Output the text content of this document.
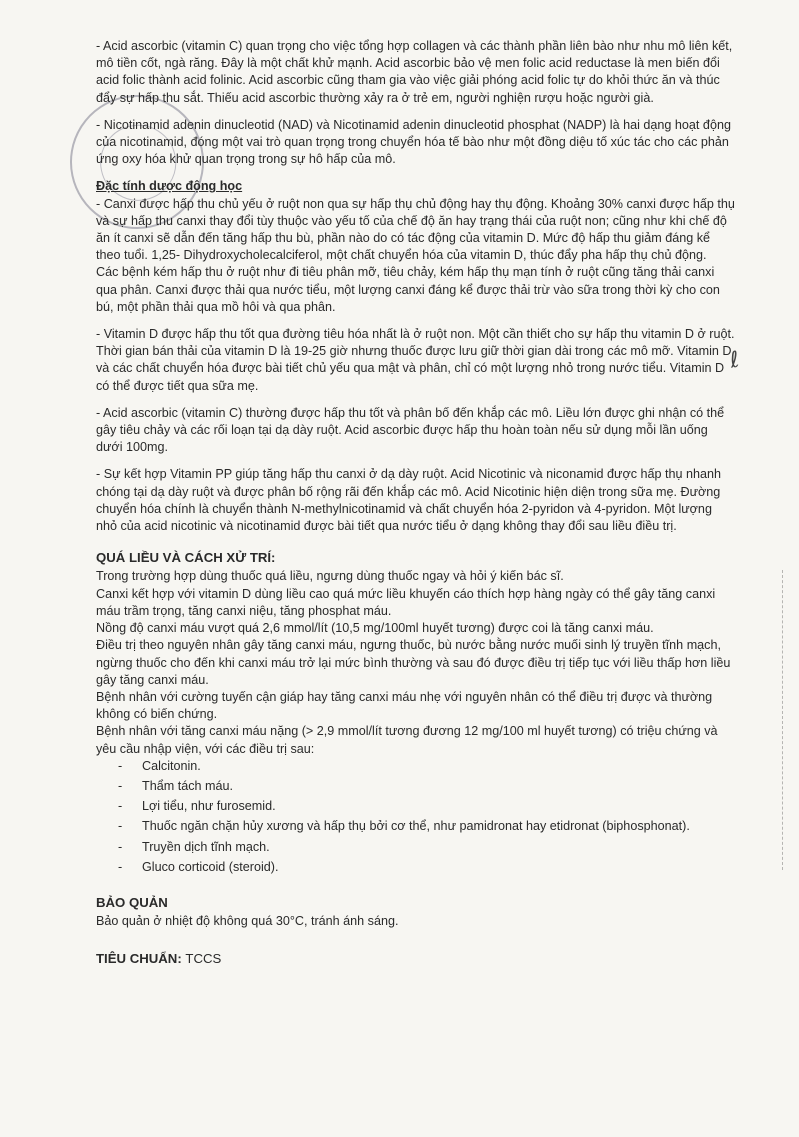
ℓ

- Acid ascorbic (vitamin C) quan trọng cho việc tổng hợp collagen và các thành phần liên bào như nhu mô liên kết, mô tiền cốt, ngà răng. Đây là một chất khử mạnh. Acid ascorbic bảo vệ men folic acid reductase là men biến đổi acid folic thành acid folinic. Acid ascorbic cũng tham gia vào việc giải phóng acid folic tự do khỏi thức ăn và thúc đẩy sự hấp thu sắt. Thiếu acid ascorbic thường xảy ra ở trẻ em, người nghiện rượu hoặc người già.

- Nicotinamid adenin dinucleotid (NAD) và Nicotinamid adenin dinucleotid phosphat (NADP) là hai dạng hoạt động của nicotinamid, đóng một vai trò quan trọng trong chuyển hóa tế bào như một đồng diệu tố xúc tác cho các phản ứng oxy hóa khử quan trọng trong sự hô hấp của mô.

Đặc tính dược động học

- Canxi được hấp thu chủ yếu ở ruột non qua sự hấp thụ chủ động hay thụ động. Khoảng 30% canxi được hấp thụ và sự hấp thu canxi thay đổi tùy thuộc vào yếu tố của chế độ ăn hay trạng thái của ruột non; cũng như khi chế độ ăn ít canxi sẽ dẫn đến tăng hấp thu bù, phần nào do có tác động của vitamin D. Mức độ hấp thu giảm đáng kể theo tuổi. 1,25- Dihydroxycholecalciferol, một chất chuyển hóa của vitamin D, thúc đẩy pha hấp thụ chủ động.

Các bệnh kém hấp thu ở ruột như đi tiêu phân mỡ, tiêu chảy, kém hấp thụ mạn tính ở ruột cũng tăng thải canxi qua phân. Canxi được thải qua nước tiểu, một lượng canxi đáng kể được thải trừ vào sữa trong thời kỳ cho con bú, một phần thải qua mồ hôi và qua phân.

- Vitamin D được hấp thu tốt qua đường tiêu hóa nhất là ở ruột non. Một cần thiết cho sự hấp thu vitamin D ở ruột. Thời gian bán thải của vitamin D là 19-25 giờ nhưng thuốc được lưu giữ thời gian dài trong các mô mỡ. Vitamin D và các chất chuyển hóa được bài tiết chủ yếu qua mật và phân, chỉ có một lượng nhỏ trong nước tiểu. Vitamin D có thể được tiết qua sữa mẹ.

- Acid ascorbic (vitamin C) thường được hấp thu tốt và phân bố đến khắp các mô. Liều lớn được ghi nhận có thể gây tiêu chảy và các rối loạn tại dạ dày ruột. Acid ascorbic được hấp thu hoàn toàn nếu sử dụng mỗi lần uống dưới 100mg.

- Sự kết hợp Vitamin PP giúp tăng hấp thu canxi ở dạ dày ruột. Acid Nicotinic và niconamid được hấp thụ nhanh chóng tại dạ dày ruột và được phân bố rộng rãi đến khắp các mô. Acid Nicotinic hiện diện trong sữa mẹ. Đường chuyển hóa chính là chuyển thành N-methylnicotinamid và chất chuyển hóa 2-pyridon và 4-pyridon. Một lượng nhỏ của acid nicotinic và nicotinamid được bài tiết qua nước tiểu ở dạng không thay đổi sau liều điều trị.

QUÁ LIỀU VÀ CÁCH XỬ TRÍ:

Trong trường hợp dùng thuốc quá liều, ngưng dùng thuốc ngay và hỏi ý kiến bác sĩ.

Canxi kết hợp với vitamin D dùng liều cao quá mức liều khuyến cáo thích hợp hàng ngày có thể gây tăng canxi máu trầm trọng, tăng canxi niệu, tăng phosphat máu.

Nồng độ canxi máu vượt quá 2,6 mmol/lít (10,5 mg/100ml huyết tương) được coi là tăng canxi máu.

Điều trị theo nguyên nhân gây tăng canxi máu, ngưng thuốc, bù nước bằng nước muối sinh lý truyền tĩnh mạch, ngừng thuốc cho đến khi canxi máu trở lại mức bình thường và sau đó được điều trị tiếp tục với liều thấp hơn liều gây tăng canxi máu.

Bệnh nhân với cường tuyến cận giáp hay tăng canxi máu nhẹ với nguyên nhân có thể điều trị được và thường không có biến chứng.

Bệnh nhân với tăng canxi máu nặng (> 2,9 mmol/lít tương đương 12 mg/100 ml huyết tương) có triệu chứng và yêu cầu nhập viện, với các điều trị sau:

- Calcitonin.
- Thẩm tách máu.
- Lợi tiểu, như furosemid.
- Thuốc ngăn chặn hủy xương và hấp thụ bởi cơ thể, như pamidronat hay etidronat (biphosphonat).
- Truyền dịch tĩnh mạch.
- Gluco corticoid (steroid).

BẢO QUẢN

Bảo quản ở nhiệt độ không quá 30°C, tránh ánh sáng.

TIÊU CHUẨN: TCCS
